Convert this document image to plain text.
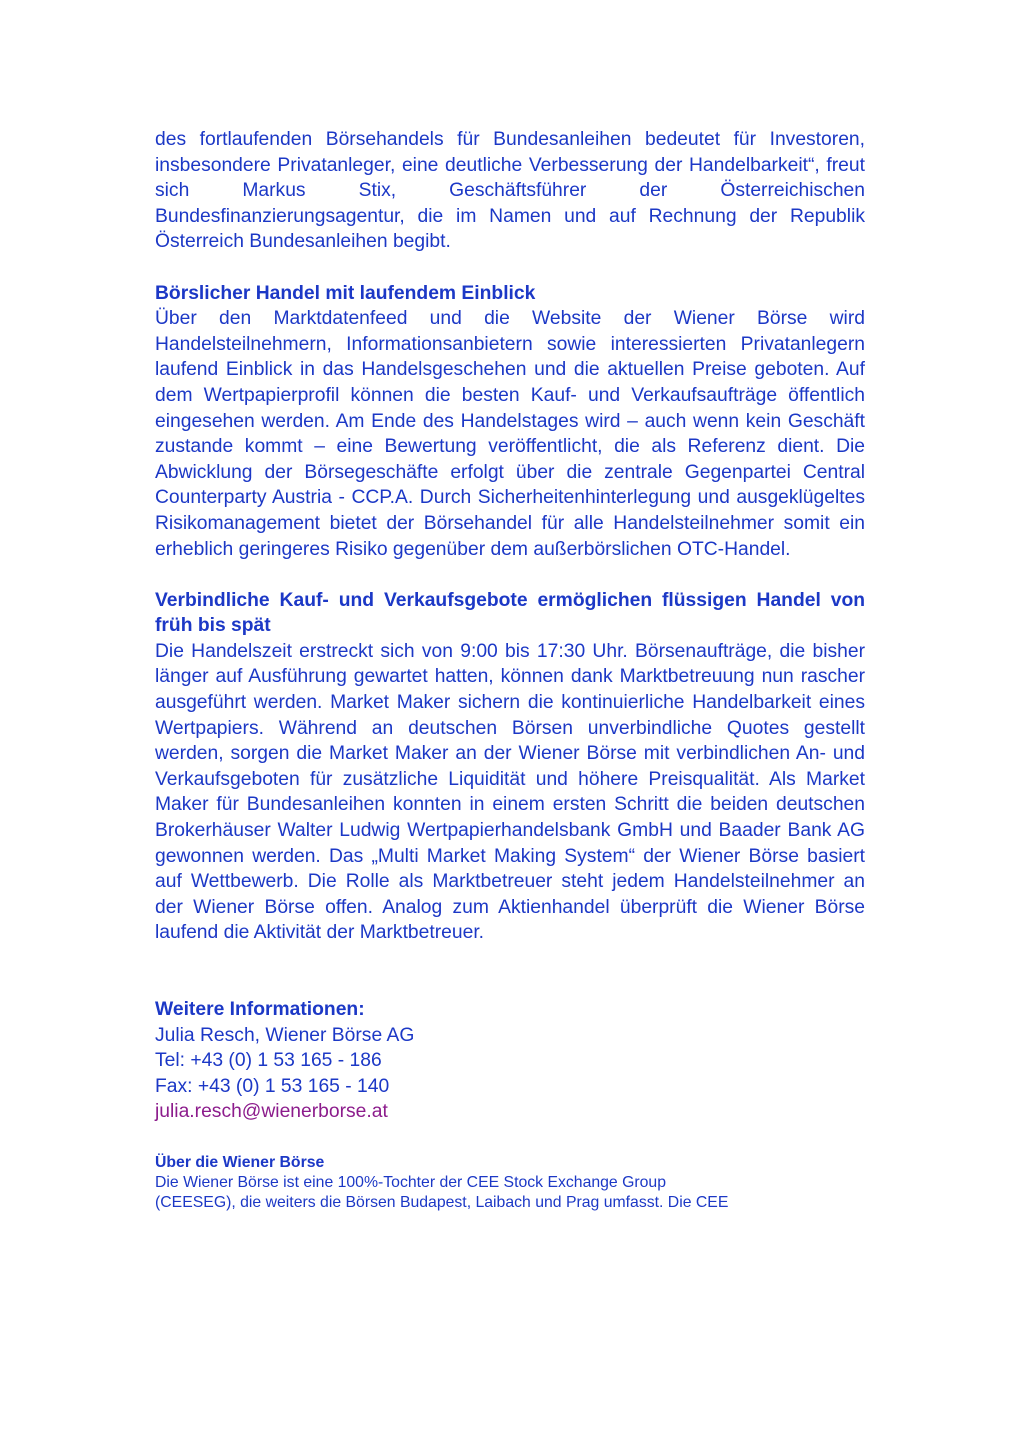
des fortlaufenden Börsehandels für Bundesanleihen bedeutet für Investoren, insbesondere Privatanleger, eine deutliche Verbesserung der Handelbarkeit“, freut sich Markus Stix, Geschäftsführer der Österreichischen Bundesfinanzierungsagentur, die im Namen und auf Rechnung der Republik Österreich Bundesanleihen begibt.

Börslicher Handel mit laufendem Einblick

Über den Marktdatenfeed und die Website der Wiener Börse wird Handelsteilnehmern, Informationsanbietern sowie interessierten Privatanlegern laufend Einblick in das Handelsgeschehen und die aktuellen Preise geboten. Auf dem Wertpapierprofil können die besten Kauf- und Verkaufsaufträge öffentlich eingesehen werden. Am Ende des Handelstages wird – auch wenn kein Geschäft zustande kommt – eine Bewertung veröffentlicht, die als Referenz dient. Die Abwicklung der Börsegeschäfte erfolgt über die zentrale Gegenpartei Central Counterparty Austria - CCP.A. Durch Sicherheitenhinterlegung und ausgeklügeltes Risikomanagement bietet der Börsehandel für alle Handelsteilnehmer somit ein erheblich geringeres Risiko gegenüber dem außerbörslichen OTC-Handel.

Verbindliche Kauf- und Verkaufsgebote ermöglichen flüssigen Handel von früh bis spät

Die Handelszeit erstreckt sich von 9:00 bis 17:30 Uhr. Börsenaufträge, die bisher länger auf Ausführung gewartet hatten, können dank Marktbetreuung nun rascher ausgeführt werden. Market Maker sichern die kontinuierliche Handelbarkeit eines Wertpapiers. Während an deutschen Börsen unverbindliche Quotes gestellt werden, sorgen die Market Maker an der Wiener Börse mit verbindlichen An- und Verkaufsgeboten für zusätzliche Liquidität und höhere Preisqualität. Als Market Maker für Bundesanleihen konnten in einem ersten Schritt die beiden deutschen Brokerhäuser Walter Ludwig Wertpapierhandelsbank GmbH und Baader Bank AG gewonnen werden. Das „Multi Market Making System“ der Wiener Börse basiert auf Wettbewerb. Die Rolle als Marktbetreuer steht jedem Handelsteilnehmer an der Wiener Börse offen. Analog zum Aktienhandel überprüft die Wiener Börse laufend die Aktivität der Marktbetreuer.

Weitere Informationen:

Julia Resch, Wiener Börse AG

Tel: +43 (0) 1 53 165 - 186

Fax: +43 (0) 1 53 165 - 140

julia.resch@wienerborse.at

Über die Wiener Börse

Die Wiener Börse ist eine 100%-Tochter der CEE Stock Exchange Group

(CEESEG), die weiters die Börsen Budapest, Laibach und Prag umfasst. Die CEE
